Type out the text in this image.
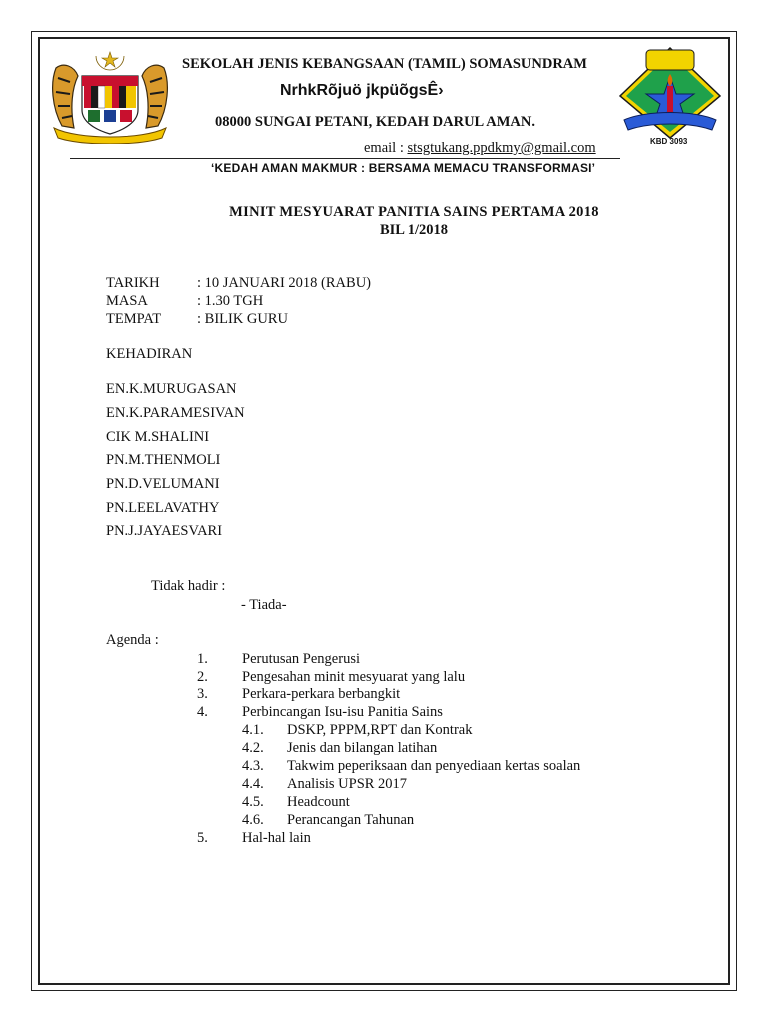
SEKOLAH JENIS KEBANGSAAN (TAMIL) SOMASUNDRAM
NrhkRõjuö jkpüõgsÊ›
08000 SUNGAI PETANI, KEDAH DARUL AMAN.
email : stsgtukang.ppdkmy@gmail.com	KBD 3093
‘KEDAH AMAN MAKMUR : BERSAMA MEMACU TRANSFORMASI’
MINIT MESYUARAT PANITIA SAINS PERTAMA 2018
BIL 1/2018
TARIKH	: 10 JANUARI 2018 (RABU)
MASA	: 1.30 TGH
TEMPAT : BILIK GURU
KEHADIRAN
EN.K.MURUGASAN
EN.K.PARAMESIVAN
CIK M.SHALINI
PN.M.THENMOLI
PN.D.VELUMANI
PN.LEELAVATHY
PN.J.JAYAESVARI
Tidak hadir :
- Tiada-
Agenda :
1. Perutusan Pengerusi
2. Pengesahan minit mesyuarat yang lalu
3. Perkara-perkara berbangkit
4. Perbincangan Isu-isu Panitia Sains
4.1. DSKP, PPPM,RPT dan Kontrak
4.2. Jenis dan bilangan latihan
4.3. Takwim peperiksaan dan penyediaan kertas soalan
4.4. Analisis UPSR 2017
4.5. Headcount
4.6. Perancangan Tahunan
5. Hal-hal lain
